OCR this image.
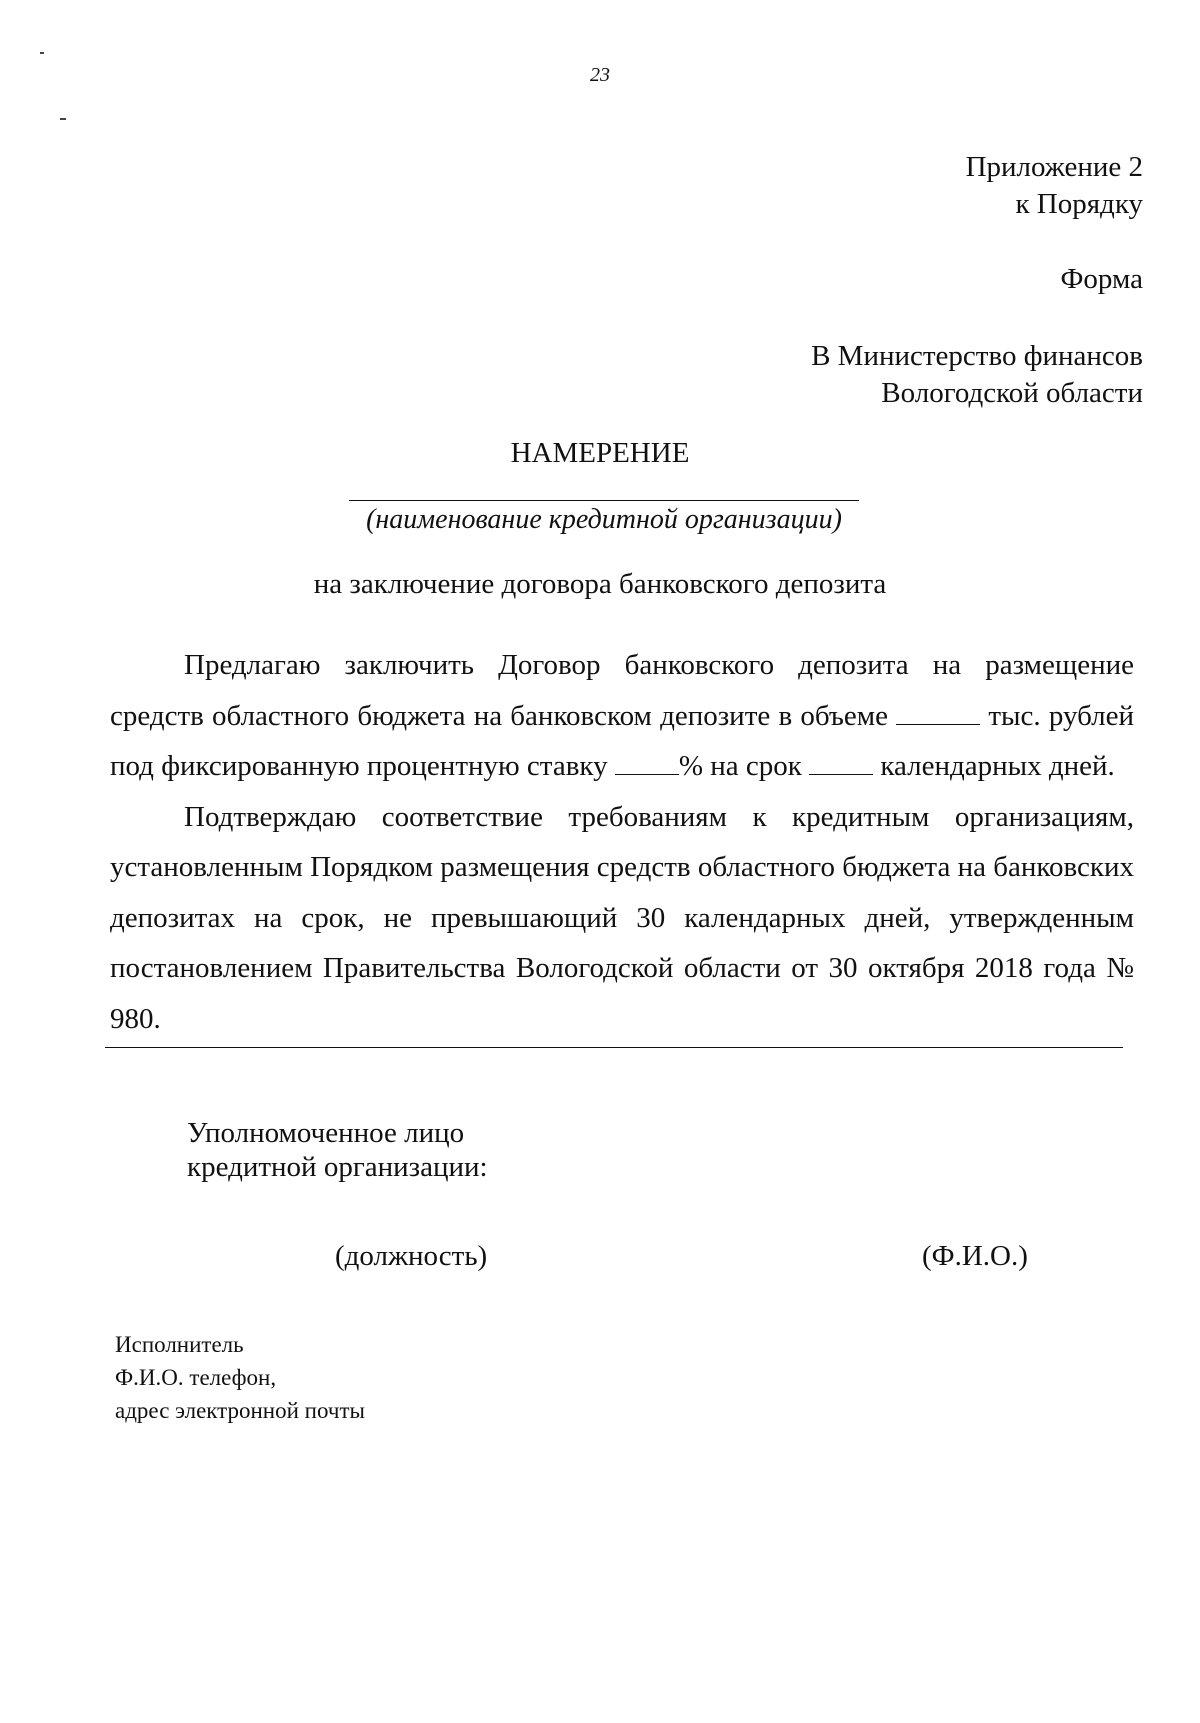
23
Приложение 2
к Порядку
Форма
В Министерство финансов
Вологодской области
НАМЕРЕНИЕ
(наименование кредитной организации)
на заключение договора банковского депозита

Предлагаю заключить Договор банковского депозита на размещение средств областного бюджета на банковском депозите в объеме	тыс. рублей под фиксированную процентную ставку % на срок	календарных дней.

Подтверждаю соответствие требованиям к кредитным организациям, установленным Порядком размещения средств областного бюджета на банковских депозитах на срок, не превышающий 30 календарных дней, утвержденным постановлением Правительства Вологодской области от 30 октября 2018 года № 980.

Уполномоченное лицо
кредитной организации:
(должность)	(Ф.И.О.)
Исполнитель
Ф.И.О. телефон,
адрес электронной почты
